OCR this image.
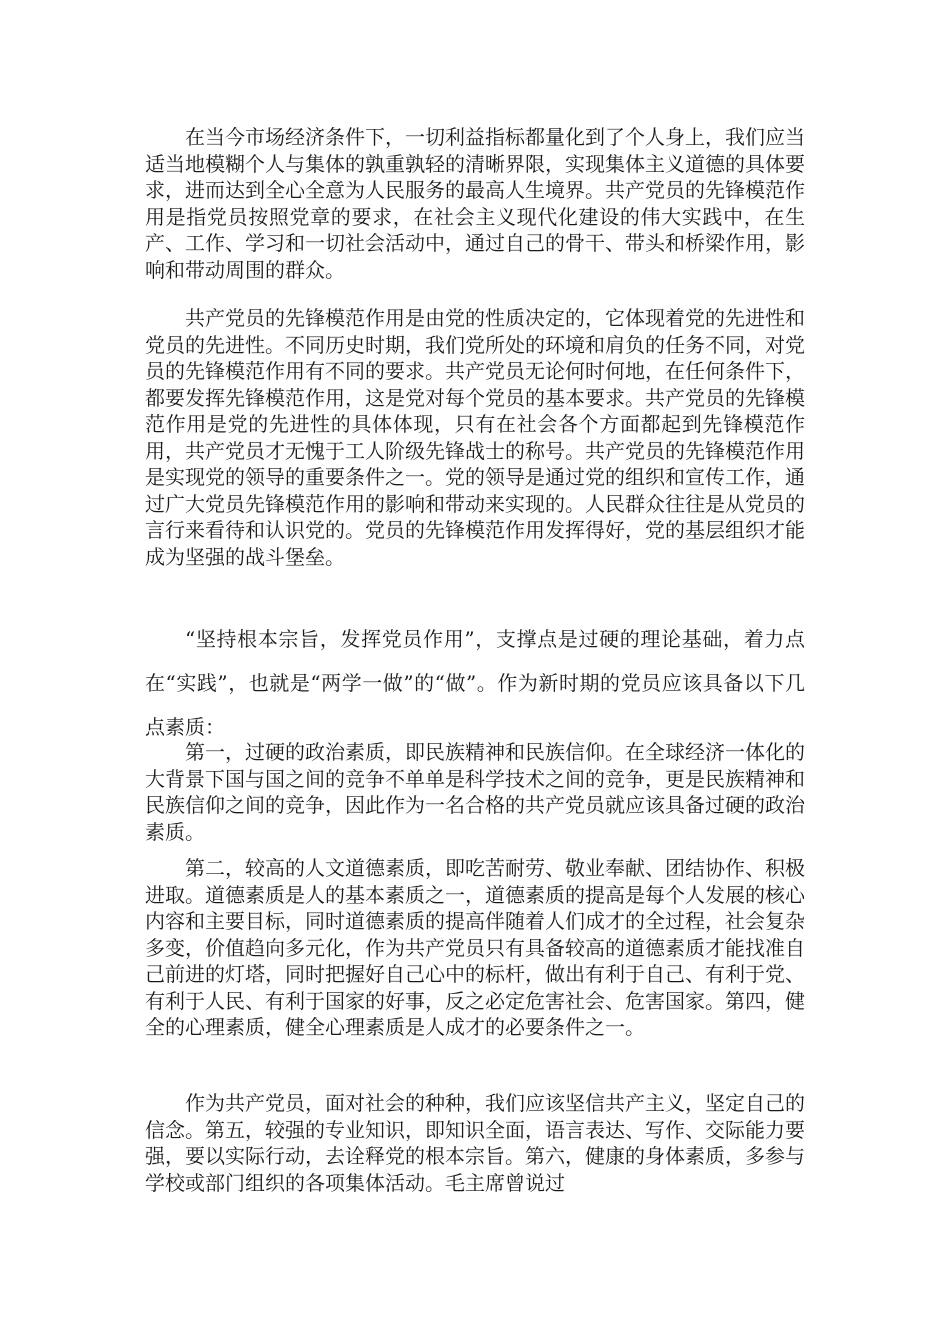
在当今市场经济条件下，一切利益指标都量化到了个人身上，我们应当适当地模糊个人与集体的孰重孰轻的清晰界限，实现集体主义道德的具体要求，进而达到全心全意为人民服务的最高人生境界。共产党员的先锋模范作用是指党员按照党章的要求，在社会主义现代化建设的伟大实践中，在生产、工作、学习和一切社会活动中，通过自己的骨干、带头和桥梁作用，影响和带动周围的群众。

共产党员的先锋模范作用是由党的性质决定的，它体现着党的先进性和党员的先进性。不同历史时期，我们党所处的环境和肩负的任务不同，对党员的先锋模范作用有不同的要求。共产党员无论何时何地，在任何条件下，都要发挥先锋模范作用，这是党对每个党员的基本要求。共产党员的先锋模范作用是党的先进性的具体体现，只有在社会各个方面都起到先锋模范作用，共产党员才无愧于工人阶级先锋战士的称号。共产党员的先锋模范作用是实现党的领导的重要条件之一。党的领导是通过党的组织和宣传工作，通过广大党员先锋模范作用的影响和带动来实现的。人民群众往往是从党员的言行来看待和认识党的。党员的先锋模范作用发挥得好，党的基层组织才能成为坚强的战斗堡垒。

“坚持根本宗旨，发挥党员作用”，支撑点是过硬的理论基础，着力点在“实践”，也就是“两学一做”的“做”。作为新时期的党员应该具备以下几点素质：

第一，过硬的政治素质，即民族精神和民族信仰。在全球经济一体化的大背景下国与国之间的竞争不单单是科学技术之间的竞争，更是民族精神和民族信仰之间的竞争，因此作为一名合格的共产党员就应该具备过硬的政治素质。

第二，较高的人文道德素质，即吃苦耐劳、敬业奉献、团结协作、积极进取。道德素质是人的基本素质之一，道德素质的提高是每个人发展的核心内容和主要目标，同时道德素质的提高伴随着人们成才的全过程，社会复杂多变，价值趋向多元化，作为共产党员只有具备较高的道德素质才能找准自己前进的灯塔，同时把握好自己心中的标杆，做出有利于自己、有利于党、有利于人民、有利于国家的好事，反之必定危害社会、危害国家。第四，健全的心理素质，健全心理素质是人成才的必要条件之一。

作为共产党员，面对社会的种种，我们应该坚信共产主义，坚定自己的信念。第五，较强的专业知识，即知识全面，语言表达、写作、交际能力要强，要以实际行动，去诠释党的根本宗旨。第六，健康的身体素质，多参与学校或部门组织的各项集体活动。毛主席曾说过
